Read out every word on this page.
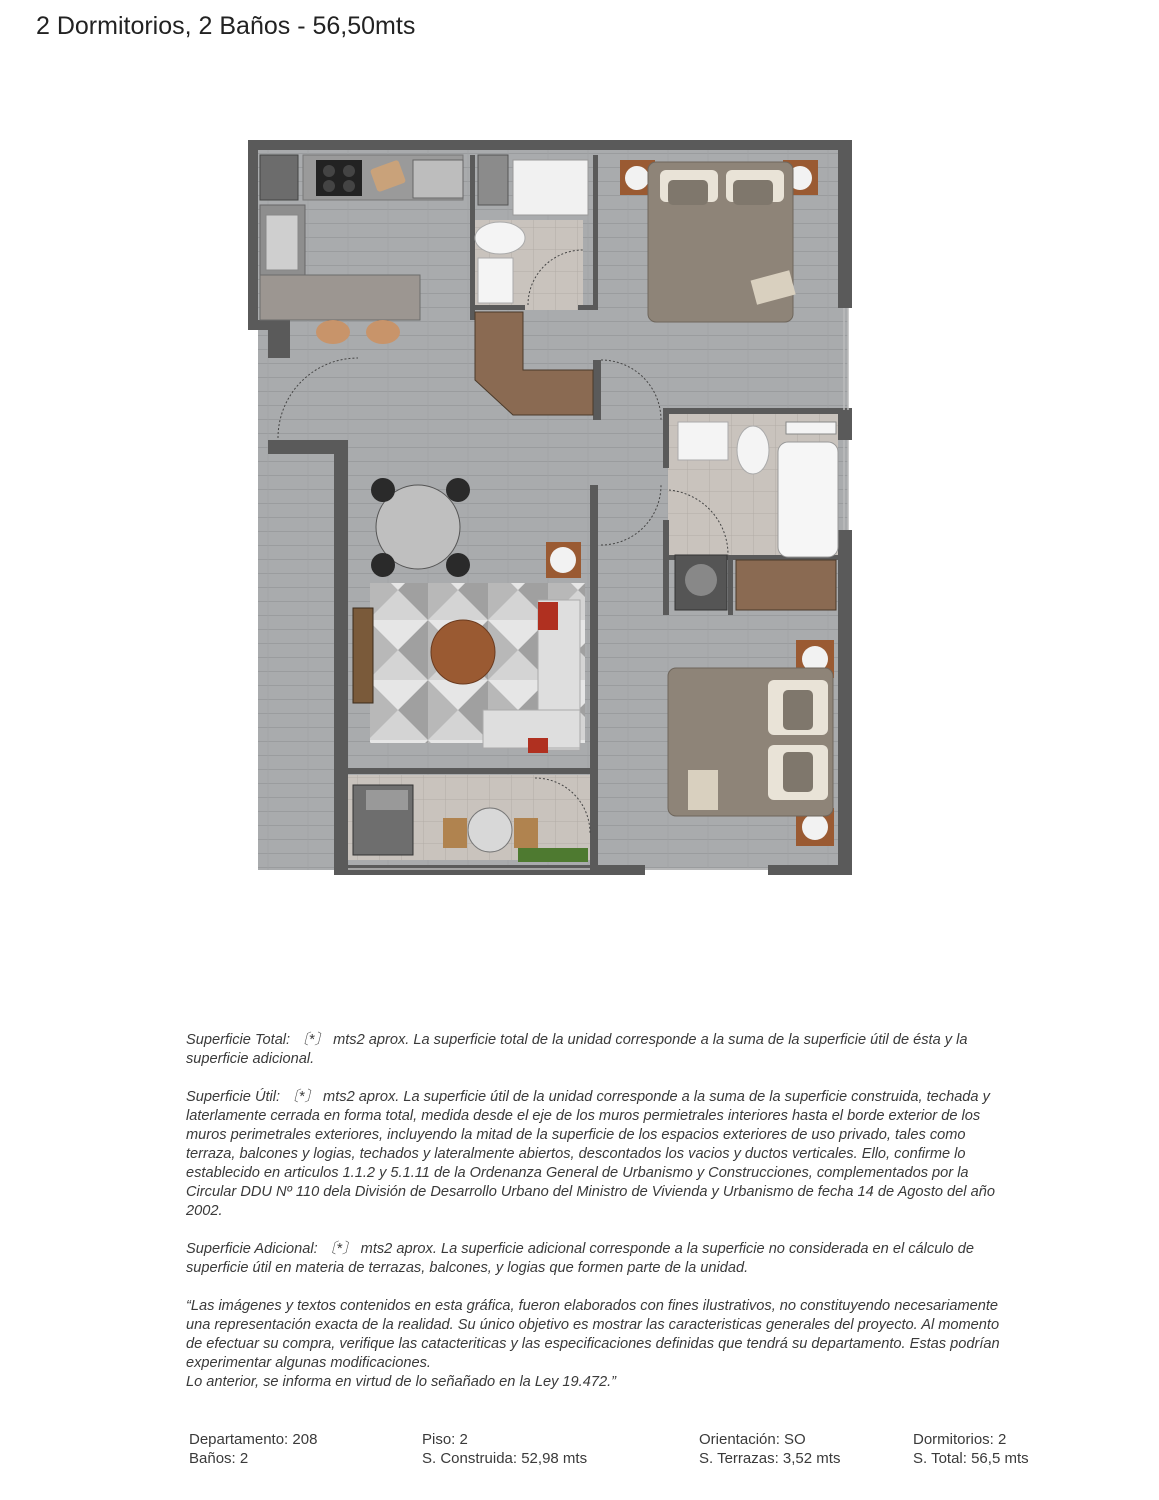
2 Dormitorios, 2 Baños - 56,50mts

Superficie Total: 〔*〕 mts2 aprox. La superficie total de la unidad corresponde a la suma de la superficie útil de ésta y la superficie adicional.

Superficie Útil: 〔*〕 mts2 aprox. La superficie útil de la unidad corresponde a la suma de la superficie construida, techada y laterlamente cerrada en forma total, medida desde el eje de los muros permietrales interiores hasta el borde exterior de los muros perimetrales exteriores, incluyendo la mitad de la superficie de los espacios exteriores de uso privado, tales como terraza, balcones y logias, techados y lateralmente abiertos, descontados los vacios y ductos verticales. Ello, confirme lo establecido en articulos 1.1.2 y 5.1.11 de la Ordenanza General de Urbanismo y Construcciones, complementados por la Circular DDU Nº 110 dela División de Desarrollo Urbano del Ministro de Vivienda y Urbanismo de fecha 14 de Agosto del año 2002.

Superficie Adicional: 〔*〕 mts2 aprox. La superficie adicional corresponde a la superficie no considerada en el cálculo de superficie útil en materia de terrazas, balcones, y logias que formen parte de la unidad.

“Las imágenes y textos contenidos en esta gráfica, fueron elaborados con fines ilustrativos, no constituyendo necesariamente una representación exacta de la realidad. Su único objetivo es mostrar las caracteristicas generales del proyecto. Al momento de efectuar su compra, verifique las catacteriticas y las especificaciones definidas que tendrá su departamento. Estas podrían experimentar algunas modificaciones.
Lo anterior, se informa en virtud de lo señañado en la Ley 19.472.”
Departamento: 208
Baños: 2
Piso: 2
S. Construida: 52,98 mts
Orientación: SO
S. Terrazas: 3,52 mts
Dormitorios: 2
S. Total: 56,5 mts
